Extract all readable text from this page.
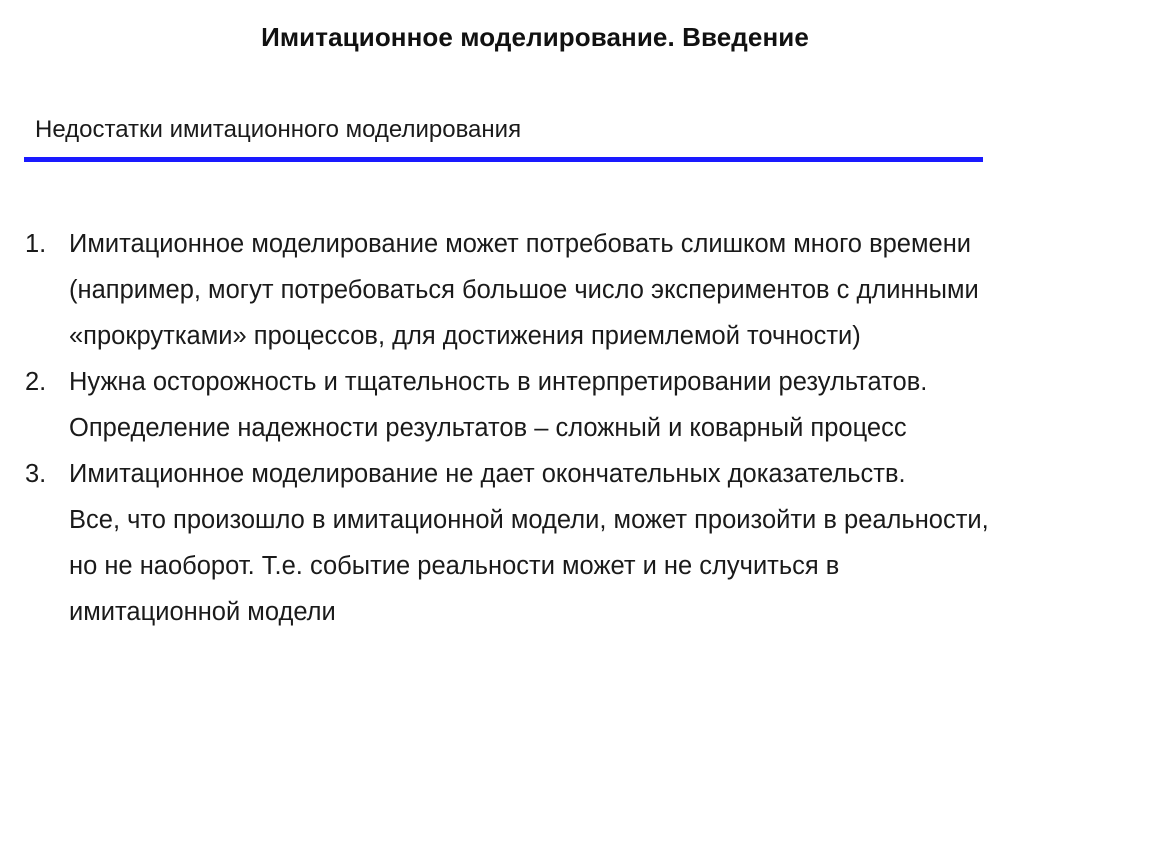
Имитационное моделирование. Введение
Недостатки имитационного моделирования
1. Имитационное моделирование может потребовать слишком много времени
(например, могут потребоваться большое число экспериментов с длинными
«прокрутками» процессов, для достижения приемлемой точности)
2. Нужна осторожность и тщательность в интерпретировании результатов.
Определение надежности результатов – сложный и коварный процесс
3. Имитационное моделирование не дает окончательных доказательств.
Все, что произошло в имитационной модели, может произойти в реальности,
но не наоборот. Т.е. событие реальности может и не случиться в
имитационной модели
